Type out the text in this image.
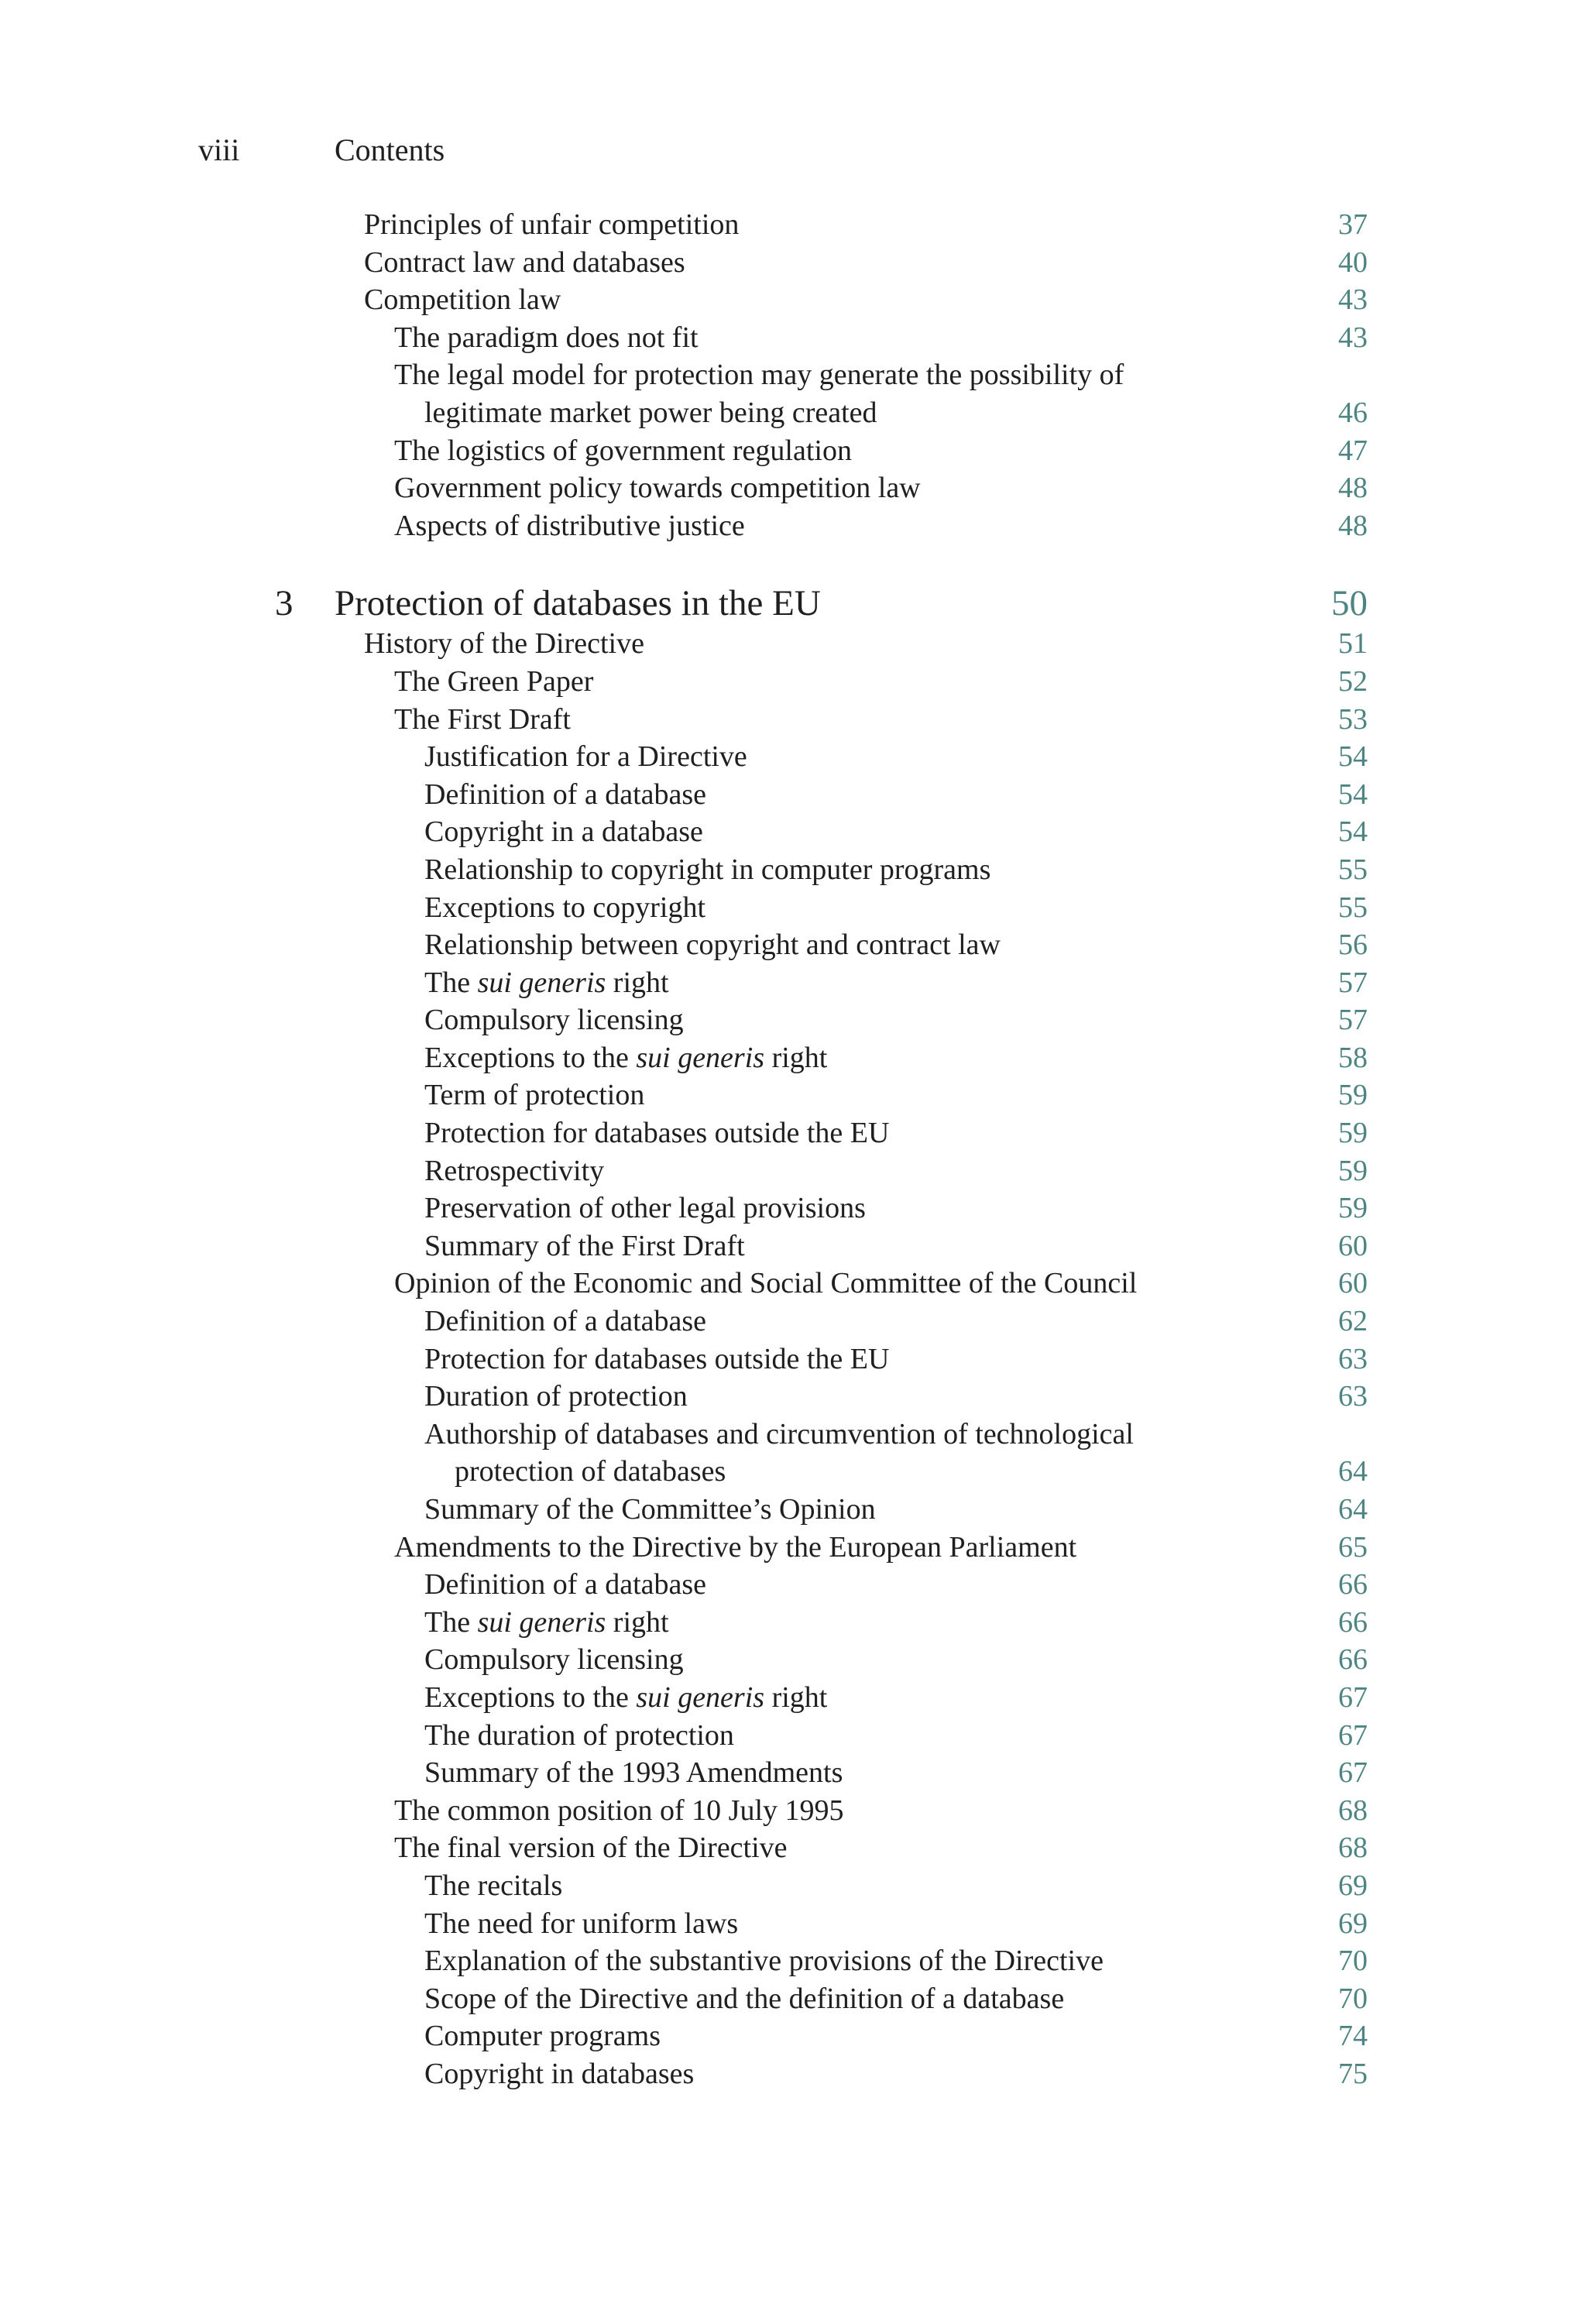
viii	Contents
Principles of unfair competition	37
Contract law and databases	40
Competition law	43
The paradigm does not fit	43
The legal model for protection may generate the possibility of
legitimate market power being created	46
The logistics of government regulation	47
Government policy towards competition law	48
Aspects of distributive justice	48
3 Protection of databases in the EU	50
History of the Directive	51
The Green Paper	52
The First Draft	53
Justification for a Directive	54
Definition of a database	54
Copyright in a database	54
Relationship to copyright in computer programs	55
Exceptions to copyright	55
Relationship between copyright and contract law	56
The sui generis right	57
Compulsory licensing	57
Exceptions to the sui generis right	58
Term of protection	59
Protection for databases outside the EU	59
Retrospectivity	59
Preservation of other legal provisions	59
Summary of the First Draft	60
Opinion of the Economic and Social Committee of the Council	60
Definition of a database	62
Protection for databases outside the EU	63
Duration of protection	63
Authorship of databases and circumvention of technological
protection of databases	64
Summary of the Committee’s Opinion	64
Amendments to the Directive by the European Parliament	65
Definition of a database	66
The sui generis right	66
Compulsory licensing	66
Exceptions to the sui generis right	67
The duration of protection	67
Summary of the 1993 Amendments	67
The common position of 10 July 1995	68
The final version of the Directive	68
The recitals	69
The need for uniform laws	69
Explanation of the substantive provisions of the Directive	70
Scope of the Directive and the definition of a database	70
Computer programs	74
Copyright in databases	75
